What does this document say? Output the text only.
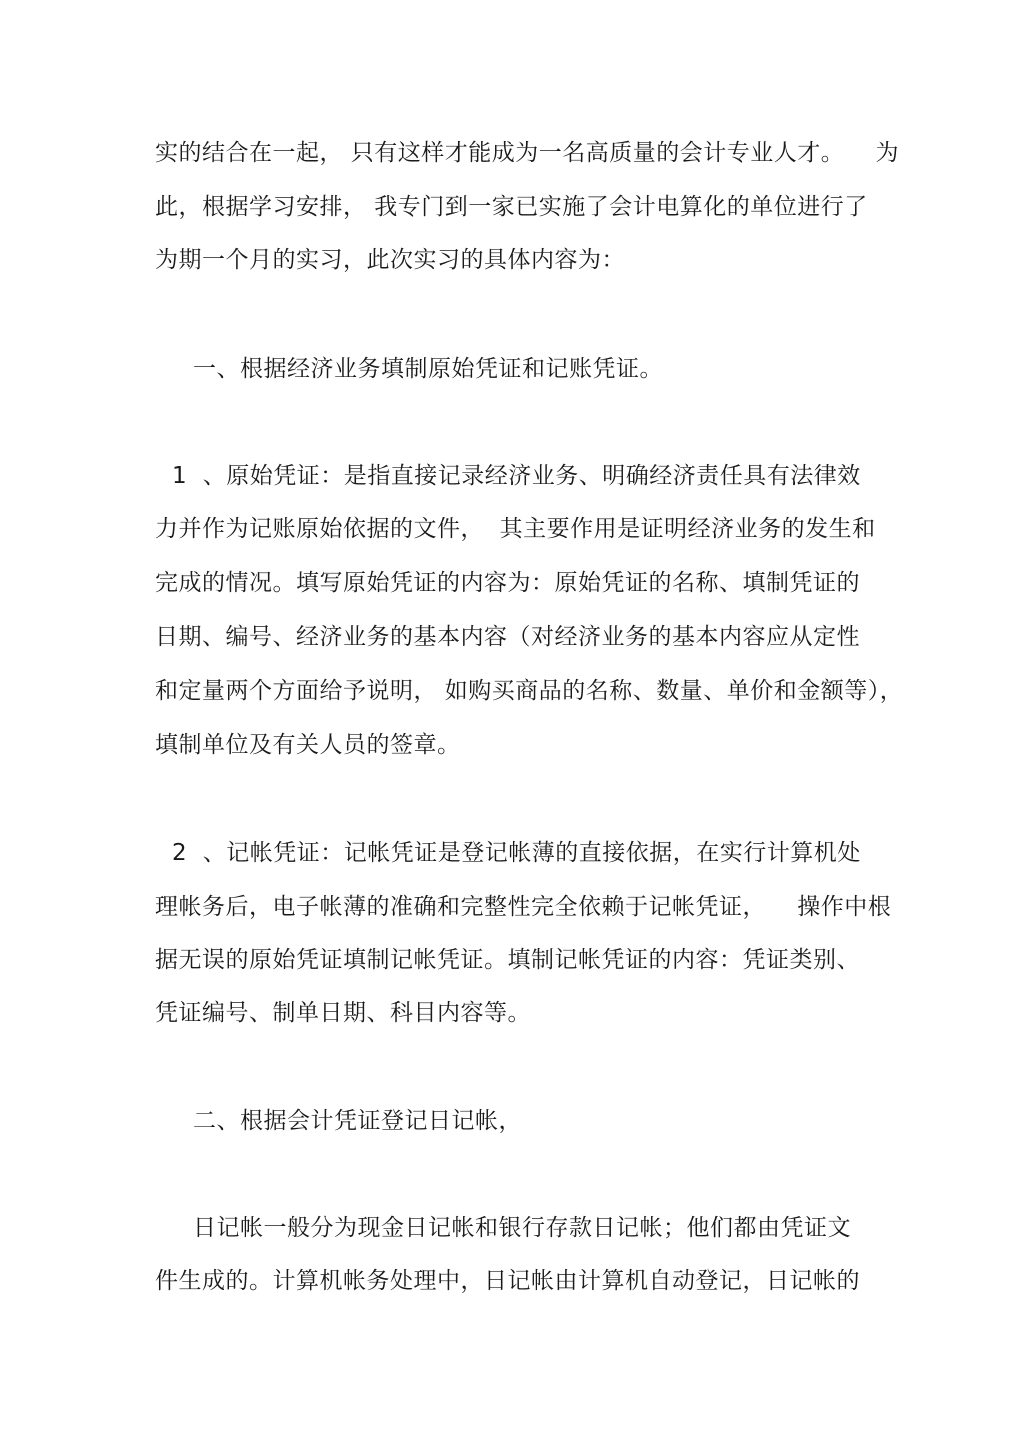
实的结合在一起， 只有这样才能成为一名高质量的会计专业人才。    为
此，根据学习安排， 我专门到一家已实施了会计电算化的单位进行了
为期一个月的实习，此次实习的具体内容为：
一、根据经济业务填制原始凭证和记账凭证。
1  、原始凭证：是指直接记录经济业务、明确经济责任具有法律效
力并作为记账原始依据的文件，  其主要作用是证明经济业务的发生和
完成的情况。填写原始凭证的内容为：原始凭证的名称、填制凭证的
日期、编号、经济业务的基本内容（对经济业务的基本内容应从定性
和定量两个方面给予说明， 如购买商品的名称、数量、单价和金额等），
填制单位及有关人员的签章。
2  、记帐凭证：记帐凭证是登记帐薄的直接依据，在实行计算机处
理帐务后，电子帐薄的准确和完整性完全依赖于记帐凭证，    操作中根
据无误的原始凭证填制记帐凭证。填制记帐凭证的内容：凭证类别、
凭证编号、制单日期、科目内容等。
二、根据会计凭证登记日记帐，
日记帐一般分为现金日记帐和银行存款日记帐；他们都由凭证文
件生成的。计算机帐务处理中，日记帐由计算机自动登记，日记帐的
